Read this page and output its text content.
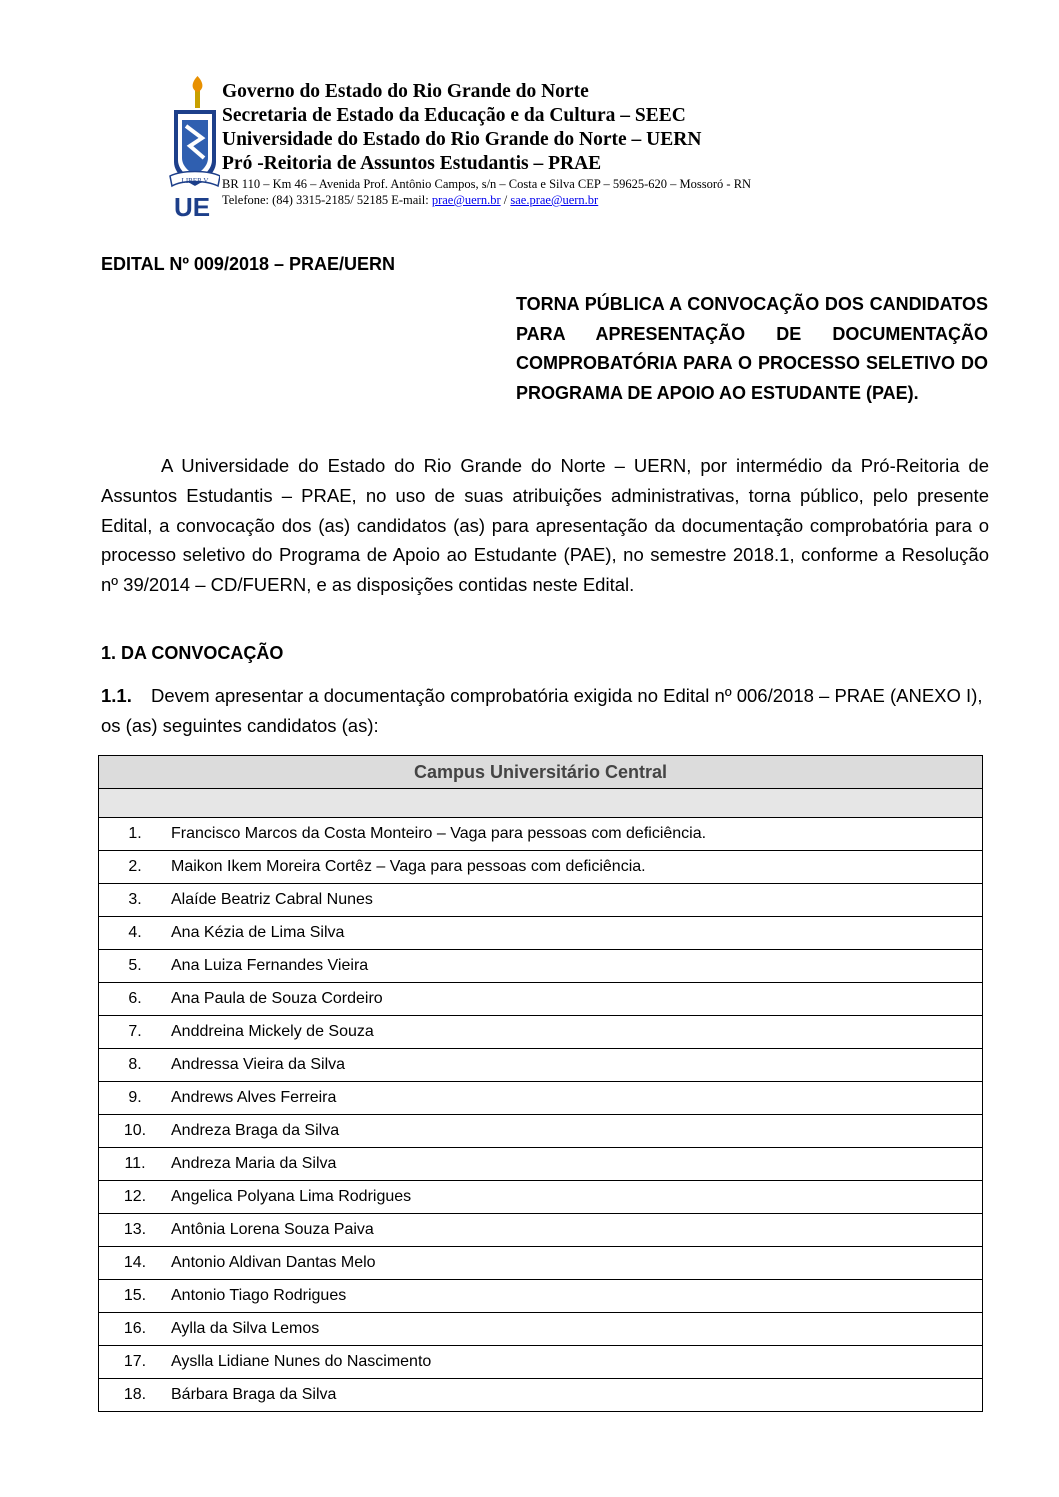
LIBER V
UE
Governo do Estado do Rio Grande do Norte
Secretaria de Estado da Educação e da Cultura – SEEC
Universidade do Estado do Rio Grande do Norte – UERN
Pró -Reitoria de Assuntos Estudantis – PRAE
BR 110 – Km 46 – Avenida Prof. Antônio Campos, s/n – Costa e Silva CEP – 59625-620 – Mossoró - RN
Telefone: (84) 3315-2185/ 52185 E-mail: prae@uern.br / sae.prae@uern.br
EDITAL Nº 009/2018 – PRAE/UERN
TORNA PÚBLICA A CONVOCAÇÃO DOS CANDIDATOS PARA APRESENTAÇÃO DE DOCUMENTAÇÃO COMPROBATÓRIA PARA O PROCESSO SELETIVO DO PROGRAMA DE APOIO AO ESTUDANTE (PAE).
A Universidade do Estado do Rio Grande do Norte – UERN, por intermédio da Pró-Reitoria de Assuntos Estudantis – PRAE, no uso de suas atribuições administrativas, torna público, pelo presente Edital, a convocação dos (as) candidatos (as) para apresentação da documentação comprobatória para o processo seletivo do Programa de Apoio ao Estudante (PAE), no semestre 2018.1, conforme a Resolução nº 39/2014 – CD/FUERN, e as disposições contidas neste Edital.
1. DA CONVOCAÇÃO
1.1. Devem apresentar a documentação comprobatória exigida no Edital nº 006/2018 – PRAE (ANEXO I), os (as) seguintes candidatos (as):
Campus Universitário Central

1. Francisco Marcos da Costa Monteiro – Vaga para pessoas com deficiência.
2. Maikon Ikem Moreira Cortêz – Vaga para pessoas com deficiência.
3. Alaíde Beatriz Cabral Nunes
4. Ana Kézia de Lima Silva
5. Ana Luiza Fernandes Vieira
6. Ana Paula de Souza Cordeiro
7. Anddreina Mickely de Souza
8. Andressa Vieira da Silva
9. Andrews Alves Ferreira
10. Andreza Braga da Silva
11. Andreza Maria da Silva
12. Angelica Polyana Lima Rodrigues
13. Antônia Lorena Souza Paiva
14. Antonio Aldivan Dantas Melo
15. Antonio Tiago Rodrigues
16. Aylla da Silva Lemos
17. Ayslla Lidiane Nunes do Nascimento
18. Bárbara Braga da Silva
